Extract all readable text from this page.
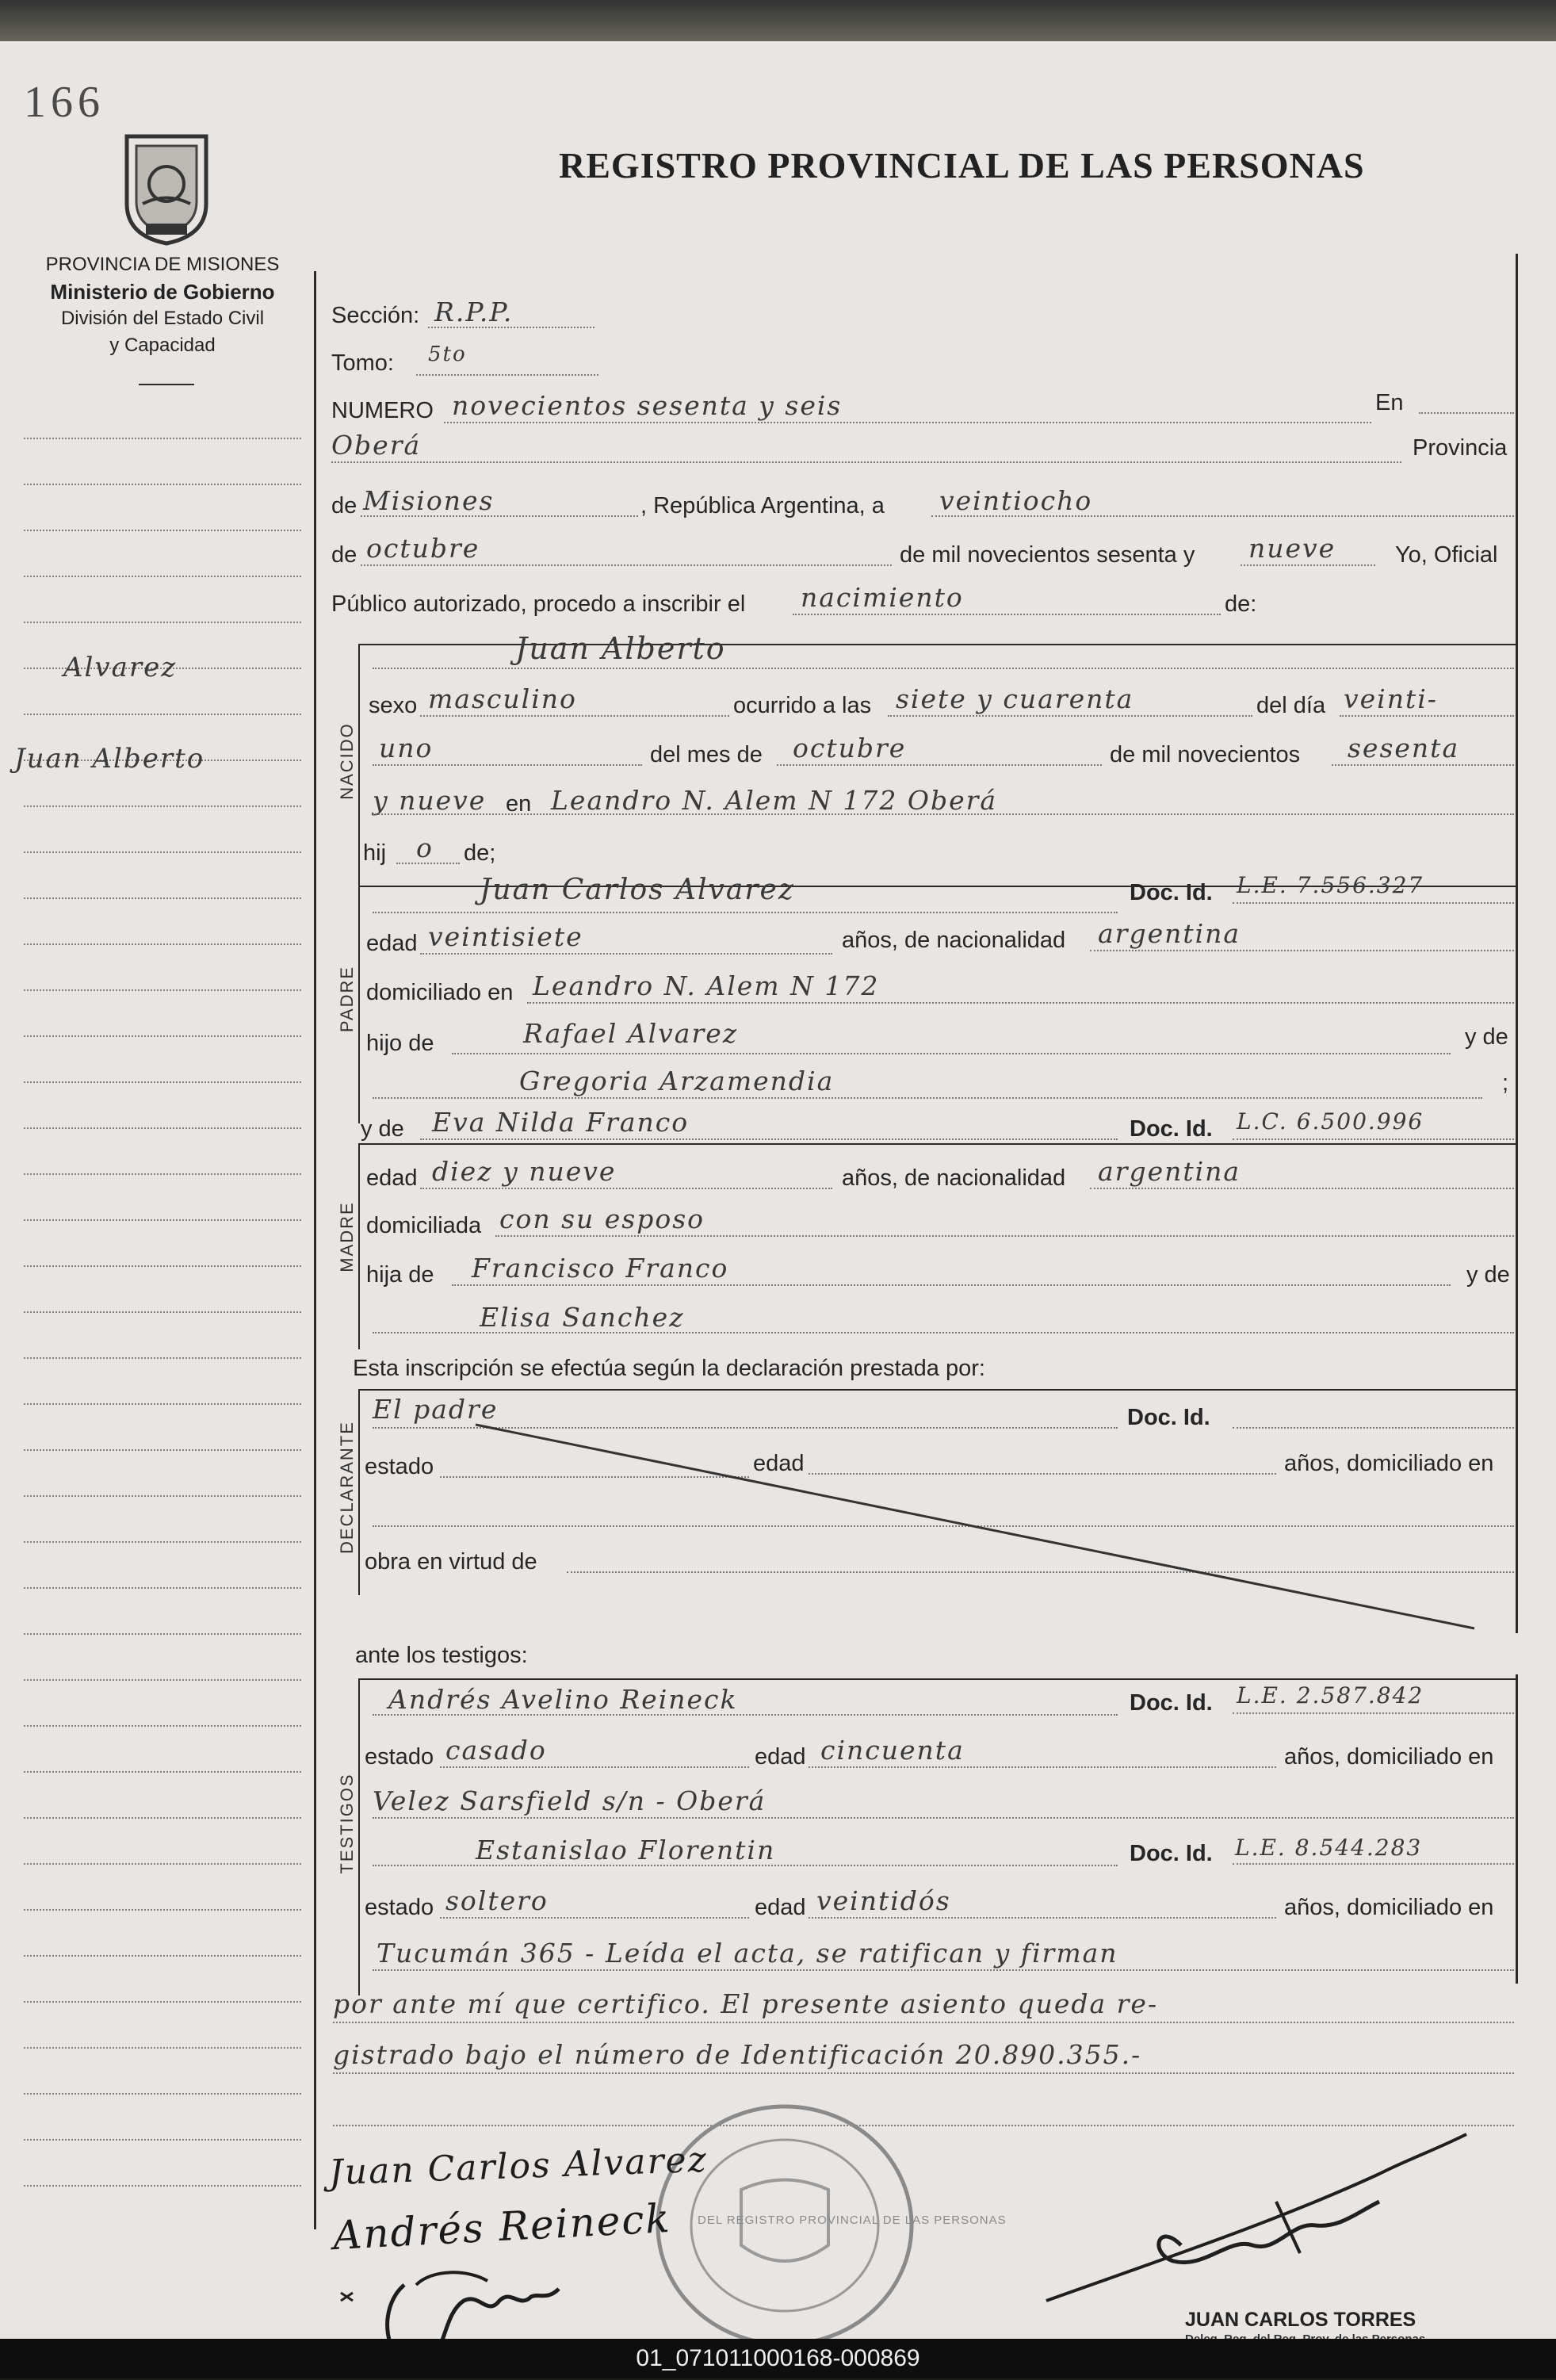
166
PROVINCIA DE MISIONES
Ministerio de Gobierno
División del Estado Civil
y Capacidad
REGISTRO PROVINCIAL DE LAS PERSONAS
Alvarez
Juan Alberto
Sección: R.P.P.
Tomo: 5to
NUMERO novecientos sesenta y seis	En
Oberá	Provincia
de Misiones	, República Argentina, a veintiocho
de octubre	de mil novecientos sesenta y nueve	Yo, Oficial
Público autorizado, procedo a inscribir el nacimiento	de:
NACIDO
Juan Alberto
sexo masculino	ocurrido a las siete y cuarenta	del día veinti-
uno	del mes de octubre	de mil novecientos sesenta
y nueve en Leandro N. Alem N 172 Oberá
hij o de;
PADRE
Juan Carlos Alvarez	Doc. Id. L.E. 7.556.327
edad veintisiete	años, de nacionalidad argentina
domiciliado en Leandro N. Alem N 172
hijo de	Rafael Alvarez	y de
Gregoria Arzamendia	;
y de Eva Nilda Franco	Doc. Id. L.C. 6.500.996
MADRE
edad diez y nueve	años, de nacionalidad argentina
domiciliada con su esposo
hija de Francisco Franco	y de
Elisa Sanchez
Esta inscripción se efectúa según la declaración prestada por:
DECLARANTE
El padre	Doc. Id.
estado	edad	años, domiciliado en
obra en virtud de
ante los testigos:
TESTIGOS
Andrés Avelino Reineck	Doc. Id. L.E. 2.587.842
estado casado	edad cincuenta	años, domiciliado en
Velez Sarsfield s/n - Oberá
Estanislao Florentin	Doc. Id. L.E. 8.544.283
estado soltero	edad veintidós	años, domiciliado en
Tucumán 365 - Leída el acta, se ratifican y firman
por ante mí que certifico. El presente asiento queda re-
gistrado bajo el número de Identificación 20.890.355.-
DEL REGISTRO PROVINCIAL DE LAS PERSONAS
Juan Carlos Alvarez
Andrés Reineck
JUAN CARLOS TORRES
01_071011000168-000869
